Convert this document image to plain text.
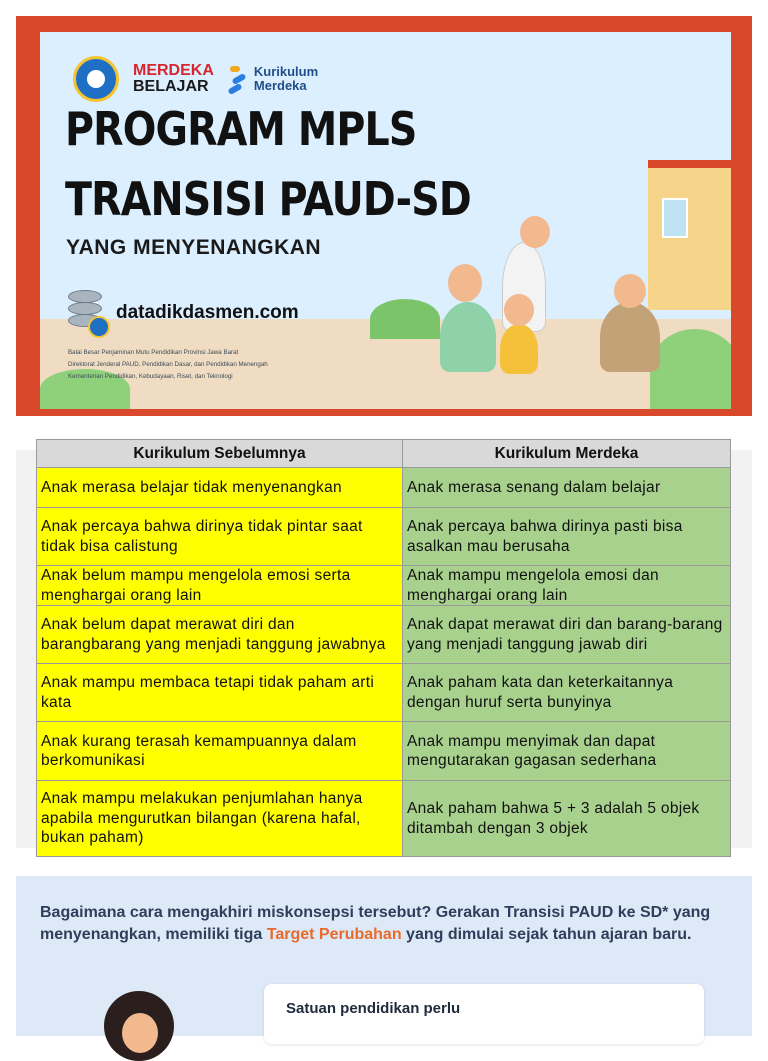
MERDEKA
BELAJAR
Kurikulum
Merdeka
PROGRAM MPLS
TRANSISI PAUD-SD
YANG MENYENANGKAN
datadikdasmen.com
Balai Besar Penjaminan Mutu Pendidikan Provinsi Jawa Barat
Direktorat Jenderal PAUD, Pendidikan Dasar, dan Pendidikan Menengah
Kementerian Pendidikan, Kebudayaan, Riset, dan Teknologi
Kurikulum Sebelumnya	Kurikulum Merdeka
Anak merasa belajar tidak menyenangkan	Anak merasa senang dalam belajar
Anak percaya bahwa dirinya tidak pintar saat tidak bisa calistung	Anak percaya bahwa dirinya pasti bisa asalkan mau berusaha
Anak belum mampu mengelola emosi serta menghargai orang lain	Anak mampu mengelola emosi dan menghargai orang lain
Anak belum dapat merawat diri dan barangbarang yang menjadi tanggung jawabnya	Anak dapat merawat diri dan barang-barang yang menjadi tanggung jawab diri
Anak mampu membaca tetapi tidak paham arti kata	Anak paham kata dan keterkaitannya dengan huruf serta bunyinya
Anak kurang terasah kemampuannya dalam berkomunikasi	Anak mampu menyimak dan dapat mengutarakan gagasan sederhana
Anak mampu melakukan penjumlahan hanya apabila mengurutkan bilangan (karena hafal, bukan paham)	Anak paham bahwa 5 + 3 adalah 5 objek ditambah dengan 3 objek

Bagaimana cara mengakhiri miskonsepsi tersebut? Gerakan Transisi PAUD ke SD* yang menyenangkan, memiliki tiga Target Perubahan yang dimulai sejak tahun ajaran baru.

Satuan pendidikan perlu
